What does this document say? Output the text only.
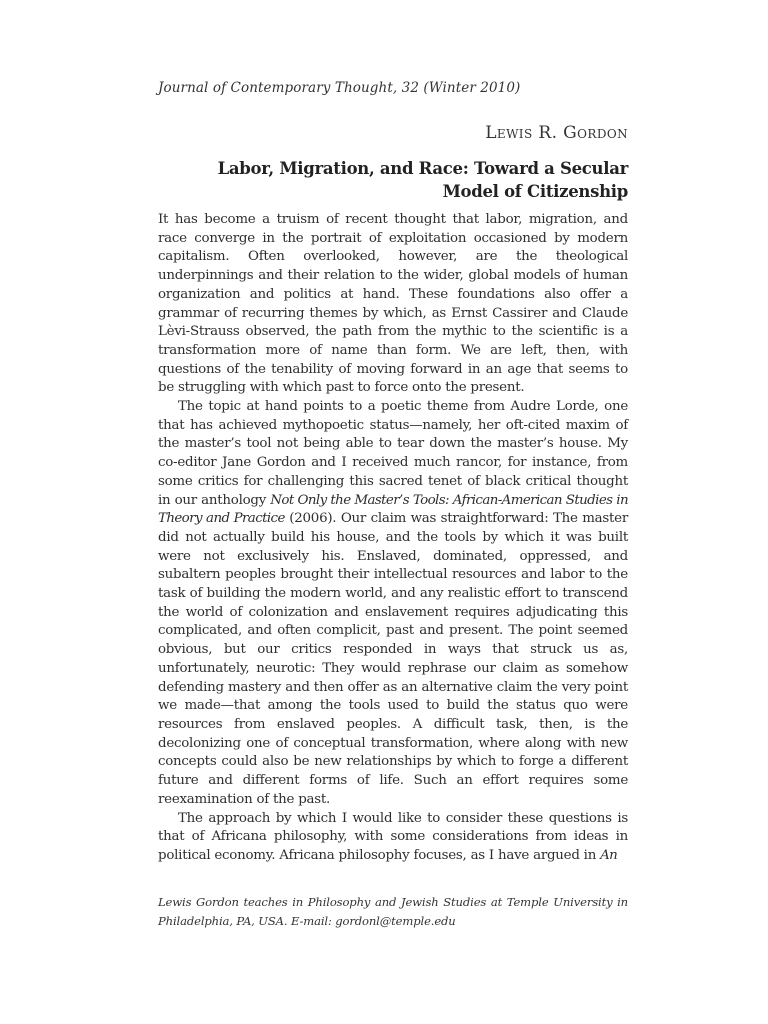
Journal of Contemporary Thought, 32 (Winter 2010)
Lewis R. Gordon
Labor, Migration, and Race: Toward a Secular Model of Citizenship

It has become a truism of recent thought that labor, migration, and race converge in the portrait of exploitation occasioned by modern capitalism. Often overlooked, however, are the theological underpinnings and their relation to the wider, global models of human organization and politics at hand. These foundations also offer a grammar of recurring themes by which, as Ernst Cassirer and Claude Lèvi-Strauss observed, the path from the mythic to the scientific is a transformation more of name than form. We are left, then, with questions of the tenability of moving forward in an age that seems to be struggling with which past to force onto the present.

The topic at hand points to a poetic theme from Audre Lorde, one that has achieved mythopoetic status—namely, her oft-cited maxim of the master’s tool not being able to tear down the master’s house. My co-editor Jane Gordon and I received much rancor, for instance, from some critics for challenging this sacred tenet of black critical thought in our anthology Not Only the Master’s Tools: African-American Studies in Theory and Practice (2006). Our claim was straightforward: The master did not actually build his house, and the tools by which it was built were not exclusively his. Enslaved, dominated, oppressed, and subaltern peoples brought their intellectual resources and labor to the task of building the modern world, and any realistic effort to transcend the world of colonization and enslavement requires adjudicating this complicated, and often complicit, past and present. The point seemed obvious, but our critics responded in ways that struck us as, unfortunately, neurotic: They would rephrase our claim as somehow defending mastery and then offer as an alternative claim the very point we made—that among the tools used to build the status quo were resources from enslaved peoples. A difficult task, then, is the decolonizing one of conceptual transformation, where along with new concepts could also be new relationships by which to forge a different future and different forms of life. Such an effort requires some reexamination of the past.

The approach by which I would like to consider these questions is that of Africana philosophy, with some considerations from ideas in political economy. Africana philosophy focuses, as I have argued in An

Lewis Gordon teaches in Philosophy and Jewish Studies at Temple University in Philadelphia, PA, USA. E-mail: gordonl@temple.edu
